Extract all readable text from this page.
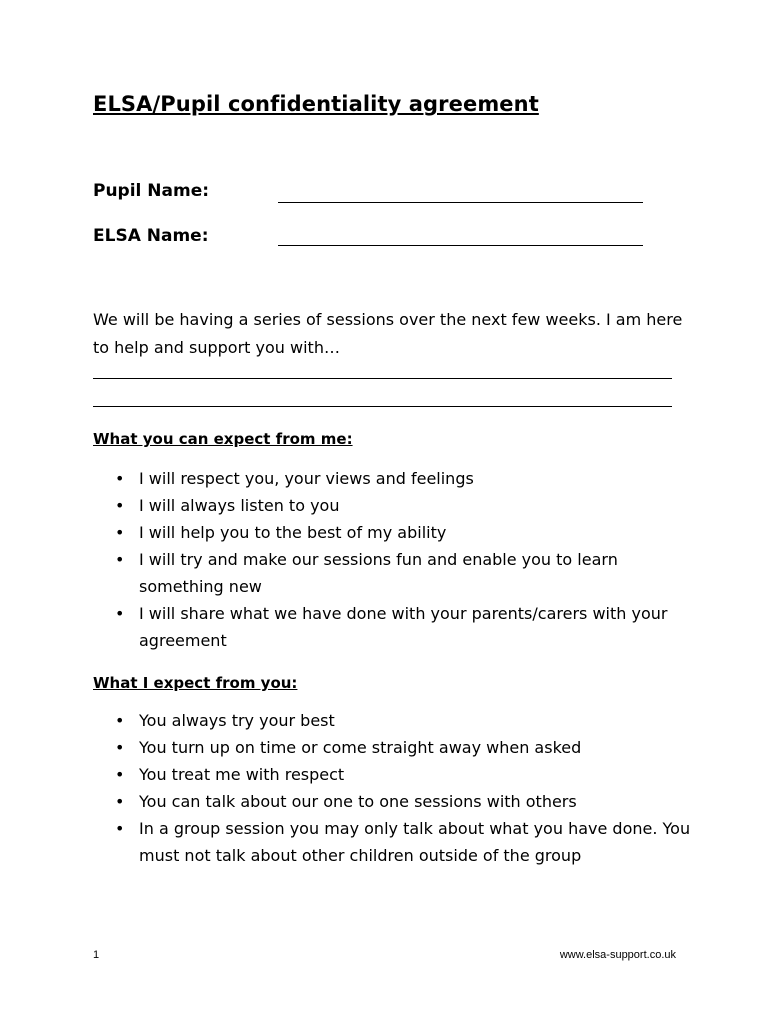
ELSA/Pupil confidentiality agreement
Pupil Name:
ELSA Name:

We will be having a series of sessions over the next few weeks. I am here to help and support you with…

What you can expect from me:
• I will respect you, your views and feelings
• I will always listen to you
• I will help you to the best of my ability
• I will try and make our sessions fun and enable you to learn something new
• I will share what we have done with your parents/carers with your agreement
What I expect from you:
• You always try your best
• You turn up on time or come straight away when asked
• You treat me with respect
• You can talk about our one to one sessions with others
• In a group session you may only talk about what you have done. You must not talk about other children outside of the group
1	www.elsa-support.co.uk
